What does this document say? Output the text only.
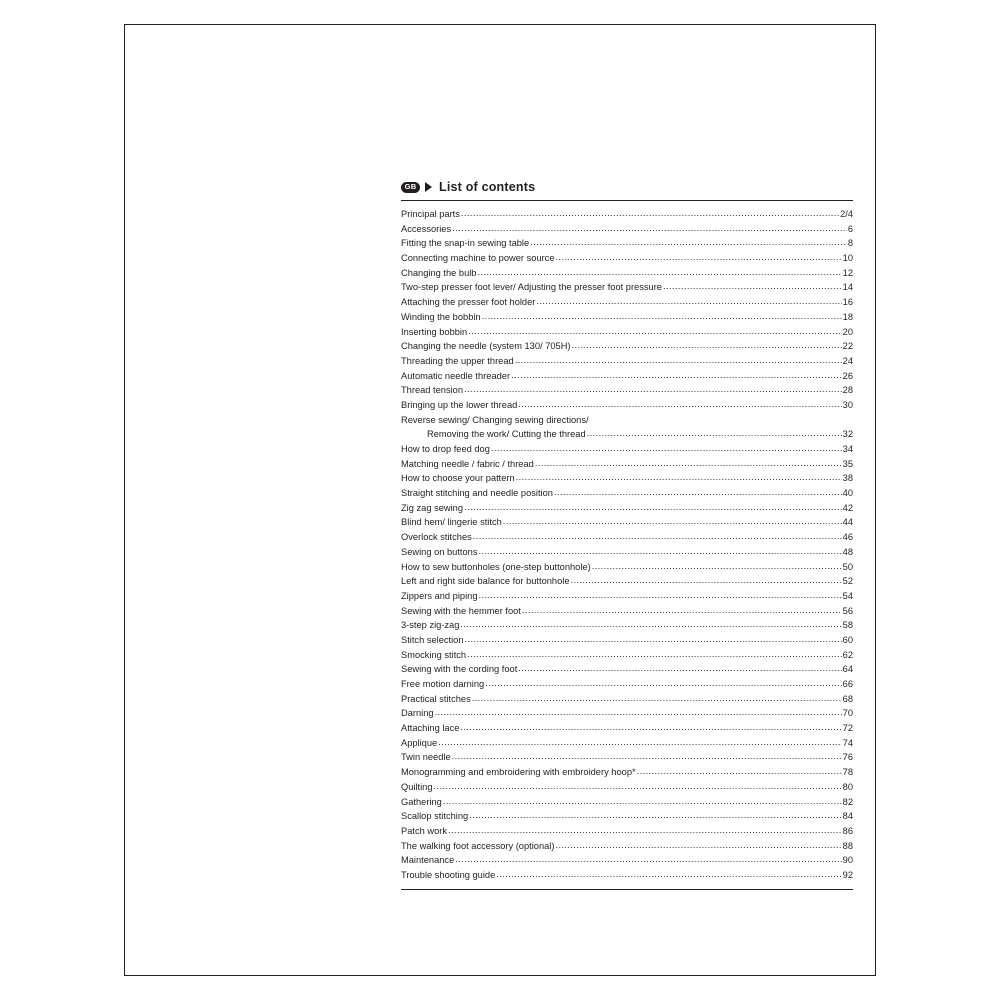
GB List of contents
Principal parts .....	2/4
Accessories .....	6
Fitting the snap-in sewing table .....	8
Connecting machine to power source .....	10
Changing the bulb .....	12
Two-step presser foot lever/ Adjusting the presser foot pressure .....	14
Attaching the presser foot holder .....	16
Winding the bobbin .....	18
Inserting bobbin .....	20
Changing the needle (system 130/ 705H) .....	22
Threading the upper thread .....	24
Automatic needle threader .....	26
Thread tension .....	28
Bringing up the lower thread .....	30
Reverse sewing/ Changing sewing directions/
Removing the work/ Cutting the thread .....	32
How to drop feed dog .....	34
Matching needle / fabric / thread .....	35
How to choose your pattern .....	38
Straight stitching and needle position .....	40
Zig zag sewing .....	42
Blind hem/ lingerie stitch .....	44
Overlock stitches .....	46
Sewing on buttons .....	48
How to sew buttonholes (one-step buttonhole) .....	50
Left and right side balance for buttonhole .....	52
Zippers and piping .....	54
Sewing with the hemmer foot .....	56
3-step zig-zag .....	58
Stitch selection .....	60
Smocking stitch .....	62
Sewing with the cording foot .....	64
Free motion darning .....	66
Practical stitches .....	68
Darning .....	70
Attaching lace .....	72
Applique .....	74
Twin needle .....	76
Monogramming and embroidering with embroidery hoop* .....	78
Quilting .....	80
Gathering .....	82
Scallop stitching .....	84
Patch work .....	86
The walking foot accessory (optional) .....	88
Maintenance .....	90
Trouble shooting guide .....	92
